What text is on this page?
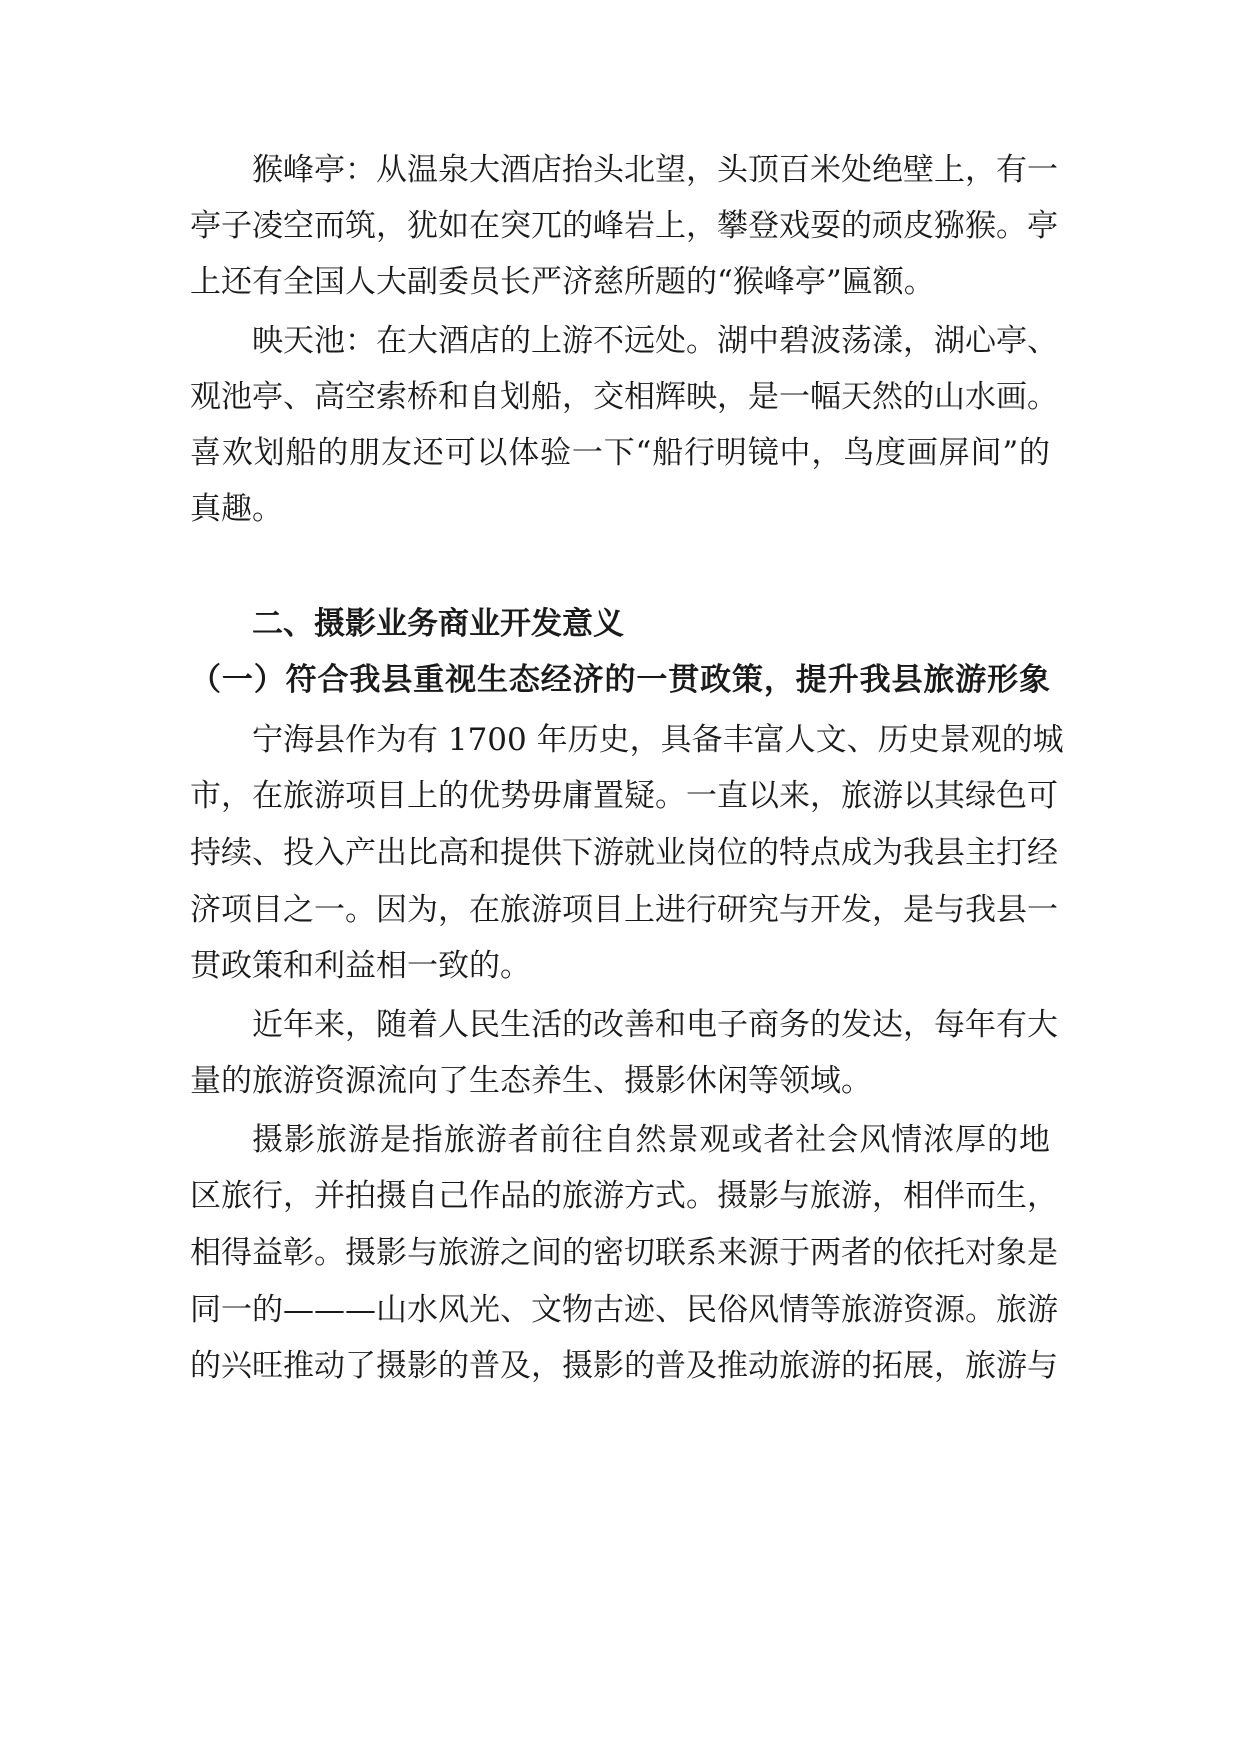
猴峰亭：从温泉大酒店抬头北望，头顶百米处绝壁上，有一
亭子凌空而筑，犹如在突兀的峰岩上，攀登戏耍的顽皮猕猴。亭
上还有全国人大副委员长严济慈所题的“猴峰亭”匾额。
映天池：在大酒店的上游不远处。湖中碧波荡漾，湖心亭、
观池亭、高空索桥和自划船，交相辉映，是一幅天然的山水画。
喜欢划船的朋友还可以体验一下“船行明镜中，鸟度画屏间”的
真趣。
二、摄影业务商业开发意义
（一）符合我县重视生态经济的一贯政策，提升我县旅游形象
宁海县作为有 1700 年历史，具备丰富人文、历史景观的城
市，在旅游项目上的优势毋庸置疑。一直以来，旅游以其绿色可
持续、投入产出比高和提供下游就业岗位的特点成为我县主打经
济项目之一。因为，在旅游项目上进行研究与开发，是与我县一
贯政策和利益相一致的。
近年来，随着人民生活的改善和电子商务的发达，每年有大
量的旅游资源流向了生态养生、摄影休闲等领域。
摄影旅游是指旅游者前往自然景观或者社会风情浓厚的地
区旅行，并拍摄自己作品的旅游方式。摄影与旅游，相伴而生，
相得益彰。摄影与旅游之间的密切联系来源于两者的依托对象是
同一的———山水风光、文物古迹、民俗风情等旅游资源。旅游
的兴旺推动了摄影的普及，摄影的普及推动旅游的拓展，旅游与
